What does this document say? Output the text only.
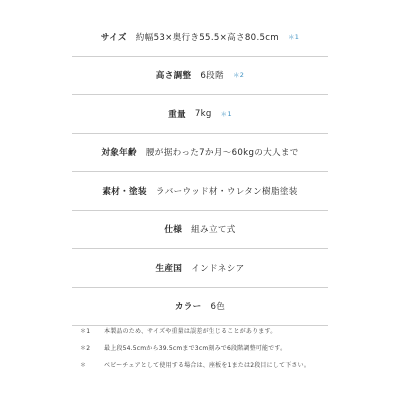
サイズ 約幅53×奥行き55.5×高さ80.5cm ＊1
高さ調整 6段階 ＊2
重量 7kg ＊1
対象年齢 腰が据わった7か月～60kgの大人まで
素材・塗装 ラバーウッド材・ウレタン樹脂塗装
仕様 組み立て式
生産国 インドネシア
カラー 6色
＊1	本製品のため、サイズや重量は誤差が生じることがあります。
＊2	最上段54.5cmから39.5cmまで3cm刻みで6段階調整可能です。
＊	ベビーチェアとして使用する場合は、座板を1または2段目にして下さい。
